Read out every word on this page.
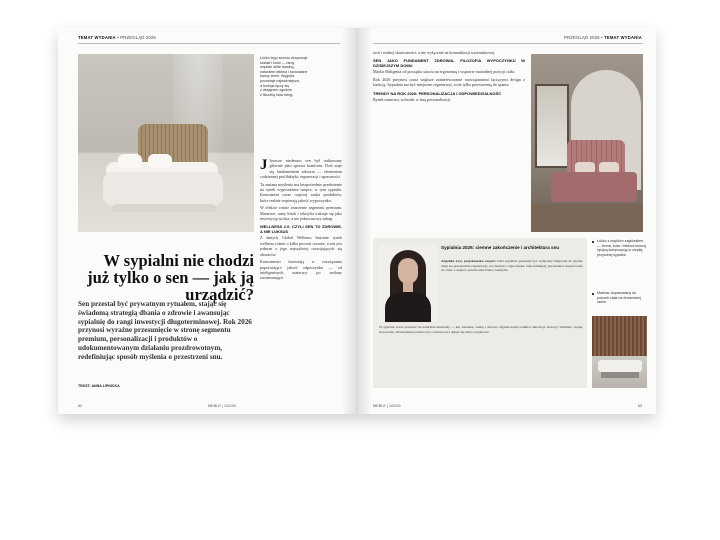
TEMAT WYDANIA • PRZEGLĄD 2025
Łóżko tego sezonu eksponuje
kształt i kolor — ramy
miękkie obite tkaniną,
naturalne włókna i stonowane
barwy ziemi. Wygoda
pozostaje najważniejsza,
a funkcja łączy się
z designem zgodnie
z filozofią slow living.

J Jeszcze niedawno sen był traktowany głównie jako sprawa komfortu. Dziś staje się fundamentem zdrowia — elementem codziennej profilaktyki, regeneracji i sprawności.

Ta zmiana myślenia ma bezpośrednie przełożenie na rynek wyposażenia wnętrz, w tym sypialni. Konsument coraz częściej szuka produktów, które realnie wspierają jakość wypoczynku.

W efekcie rośnie znaczenie segmentu premium. Materace, ramy łóżek i tekstylia traktuje się jako inwestycję na lata, a nie jednorazowy zakup.

WELLNESS 2.0. CZYLI SEN TO ZDROWIE, A NIE LUKSUS

Z danych Global Wellness Institute rynek wellness rośnie o kilka procent rocznie, a sen jest jednym z jego najszybciej rozwijających się obszarów.

Konsumenci inwestują w rozwiązania poprawiające jakość odpoczynku — od inteligentnych materacy po zasłony zaciemniające.

W sypialni nie chodzi już tylko o sen — jak ją urządzić?
Sen przestał być prywatnym rytuałem, stając się świadomą strategią dbania o zdrowie i awansując sypialnię do rangi inwestycji długoterminowej. Rok 2026 przynosi wyraźne przesunięcie w stronę segmentu premium, personalizacji i produktów o udokumentowanym działaniu prozdrowotnym, redefiniując sposób myślenia o przestrzeni snu.
TEKST: ANNA LIPNICKA
62	MEBLE | 1/2026
PRZEGLĄD 2025 • TEMAT WYDANIA

tach i realnej skuteczności, a nie wyłącznie na komunikacji wizerunkowej.

SEN JAKO FUNDAMENT ZDROWIA. FILOZOFIA WYPOCZYNKU W DZISIEJSZYM DOMU

Marka Shiligenta od początku stawia na ergonomię i wsparcie naturalnej pozycji ciała.

Rok 2026 przynosi coraz większe zainteresowanie rozwiązaniami łączącymi design z funkcją. Sypialnia ma być miejscem regeneracji, a nie tylko przestrzenią do spania.

TRENDY NA ROK 2026: PERSONALIZACJA I ODPOWIEDZIALNOŚĆ

Rynek materacy wchodzi w fazę personalizacji.

Sypialnia 2026: ciemne zakończenie i architektura snu
Angelika Lew, projektantka wnętrz: Dziś sypialnia przestała być wyłącznie miejscem do spania. Staje się przestrzenią regeneracji, wyciszenia i odpoczynku. Najważniejszy jest materac dopasowany do ciała, a dopiero potem rama łóżka i tekstylia.
W sypialni warto postawić na naturalne materiały — len, bawełnę, wełnę i drewno. Ograniczamy nadmiar dekoracji. Kolory? Ziemiste, ciepłe, stonowane. Oświetlenie powinno być warstwowe i dające się łatwo regulować.
Łóżko z miękkim zagłówkiem — forma, kolor i faktura tworzą spójną kompozycję w ciepłej, przytulnej sypialni.
Materac dopasowany do potrzeb ciała na drewnianej ramie.
MEBLE | 1/2026	63
